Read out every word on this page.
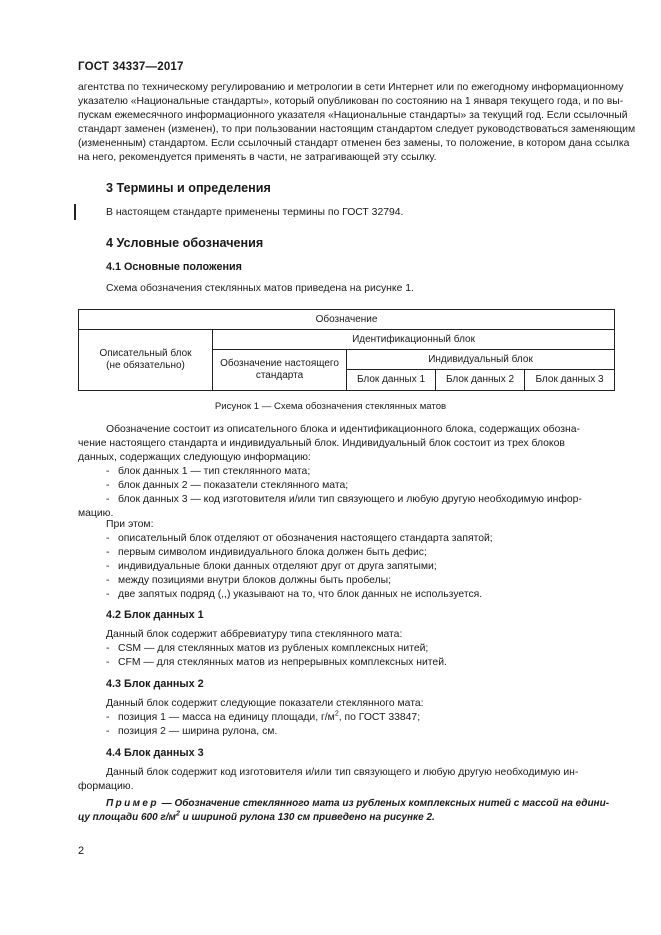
ГОСТ 34337—2017
агентства по техническому регулированию и метрологии в сети Интернет или по ежегодному информационному
указателю «Национальные стандарты», который опубликован по состоянию на 1 января текущего года, и по вы-
пускам ежемесячного информационного указателя «Национальные стандарты» за текущий год. Если ссылочный
стандарт заменен (изменен), то при пользовании настоящим стандартом следует руководствоваться заменяющим
(измененным) стандартом. Если ссылочный стандарт отменен без замены, то положение, в котором дана ссылка
на него, рекомендуется применять в части, не затрагивающей эту ссылку.
3 Термины и определения
В настоящем стандарте применены термины по ГОСТ 32794.
4 Условные обозначения
4.1 Основные положения
Схема обозначения стеклянных матов приведена на рисунке 1.
Обозначение				

Описательный блок
(не обязательно)	Идентификационный блок			

	Обозначение настоящего
стандарта	Индивидуальный блок		
		Блок данных 1	Блок данных 2	Блок данных 3
Рисунок 1 — Схема обозначения стеклянных матов
Обозначение состоит из описательного блока и идентификационного блока, содержащих обозна-
чение настоящего стандарта и индивидуальный блок. Индивидуальный блок состоит из трех блоков
данных, содержащих следующую информацию:
- блок данных 1 — тип стеклянного мата;
- блок данных 2 — показатели стеклянного мата;
- блок данных 3 — код изготовителя и/или тип связующего и любую другую необходимую инфор-
мацию.
При этом:
- описательный блок отделяют от обозначения настоящего стандарта запятой;
- первым символом индивидуального блока должен быть дефис;
- индивидуальные блоки данных отделяют друг от друга запятыми;
- между позициями внутри блоков должны быть пробелы;
- две запятых подряд (,,) указывают на то, что блок данных не используется.
4.2 Блок данных 1
Данный блок содержит аббревиатуру типа стеклянного мата:
- CSM — для стеклянных матов из рубленых комплексных нитей;
- CFM — для стеклянных матов из непрерывных комплексных нитей.
4.3 Блок данных 2
Данный блок содержит следующие показатели стеклянного мата:
- позиция 1 — масса на единицу площади, $г/м^2$, по ГОСТ 33847;
- позиция 2 — ширина рулона, см.
4.4 Блок данных 3
Данный блок содержит код изготовителя и/или тип связующего и любую другую необходимую ин-
формацию.
Пример — Обозначение стеклянного мата из рубленых комплексных нитей с массой на едини-
цу площади 600 $г/м^2$ и шириной рулона 130 см приведено на рисунке 2.
2
